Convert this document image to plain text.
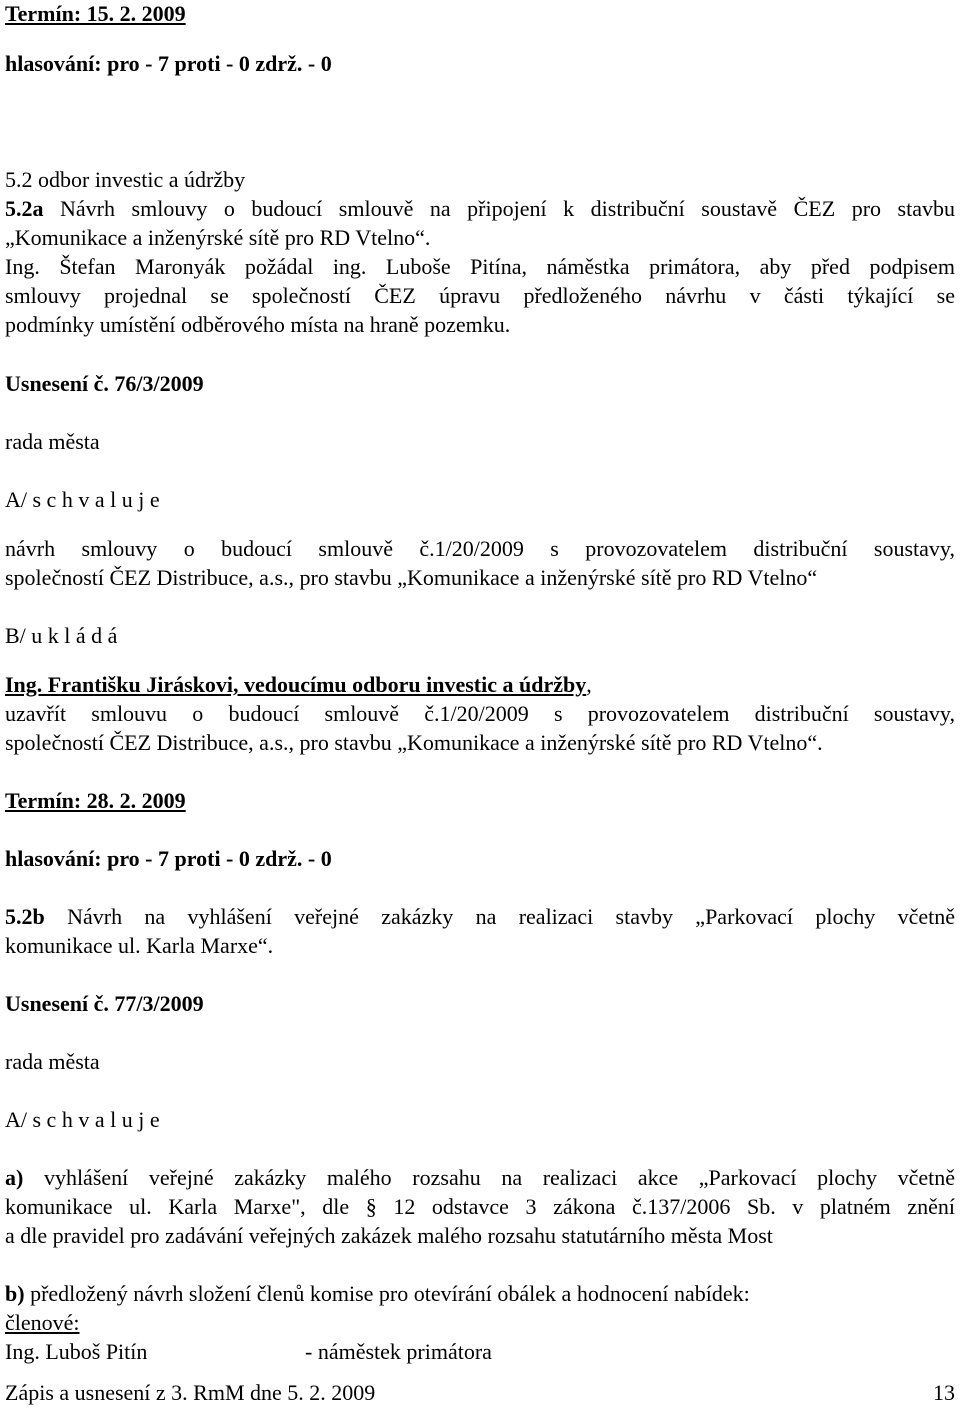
Termín: 15. 2. 2009
hlasování: pro - 7 proti - 0 zdrž. - 0
5.2 odbor investic a údržby
5.2a Návrh smlouvy o budoucí smlouvě na připojení k distribuční soustavě ČEZ pro stavbu
„Komunikace a inženýrské sítě pro RD Vtelno“.
Ing. Štefan Maronyák požádal ing. Luboše Pitína, náměstka primátora, aby před podpisem
smlouvy projednal se společností ČEZ úpravu předloženého návrhu v části týkající se
podmínky umístění odběrového místa na hraně pozemku.
Usnesení č. 76/3/2009
rada města
A/ s c h v a l u j e
návrh smlouvy o budoucí smlouvě č.1/20/2009 s provozovatelem distribuční soustavy,
společností ČEZ Distribuce, a.s., pro stavbu „Komunikace a inženýrské sítě pro RD Vtelno“
B/ u k l á d á
Ing. Františku Jiráskovi, vedoucímu odboru investic a údržby,
uzavřít smlouvu o budoucí smlouvě č.1/20/2009 s provozovatelem distribuční soustavy,
společností ČEZ Distribuce, a.s., pro stavbu „Komunikace a inženýrské sítě pro RD Vtelno“.
Termín: 28. 2. 2009
hlasování: pro - 7 proti - 0 zdrž. - 0
5.2b Návrh na vyhlášení veřejné zakázky na realizaci stavby „Parkovací plochy včetně
komunikace ul. Karla Marxe“.
Usnesení č. 77/3/2009
rada města
A/ s c h v a l u j e
a) vyhlášení veřejné zakázky malého rozsahu na realizaci akce „Parkovací plochy včetně
komunikace ul. Karla Marxe", dle § 12 odstavce 3 zákona č.137/2006 Sb. v platném znění
a dle pravidel pro zadávání veřejných zakázek malého rozsahu statutárního města Most
b) předložený návrh složení členů komise pro otevírání obálek a hodnocení nabídek:
členové:
Ing. Luboš Pitín	- náměstek primátora
Zápis a usnesení z 3. RmM dne 5. 2. 2009	13
